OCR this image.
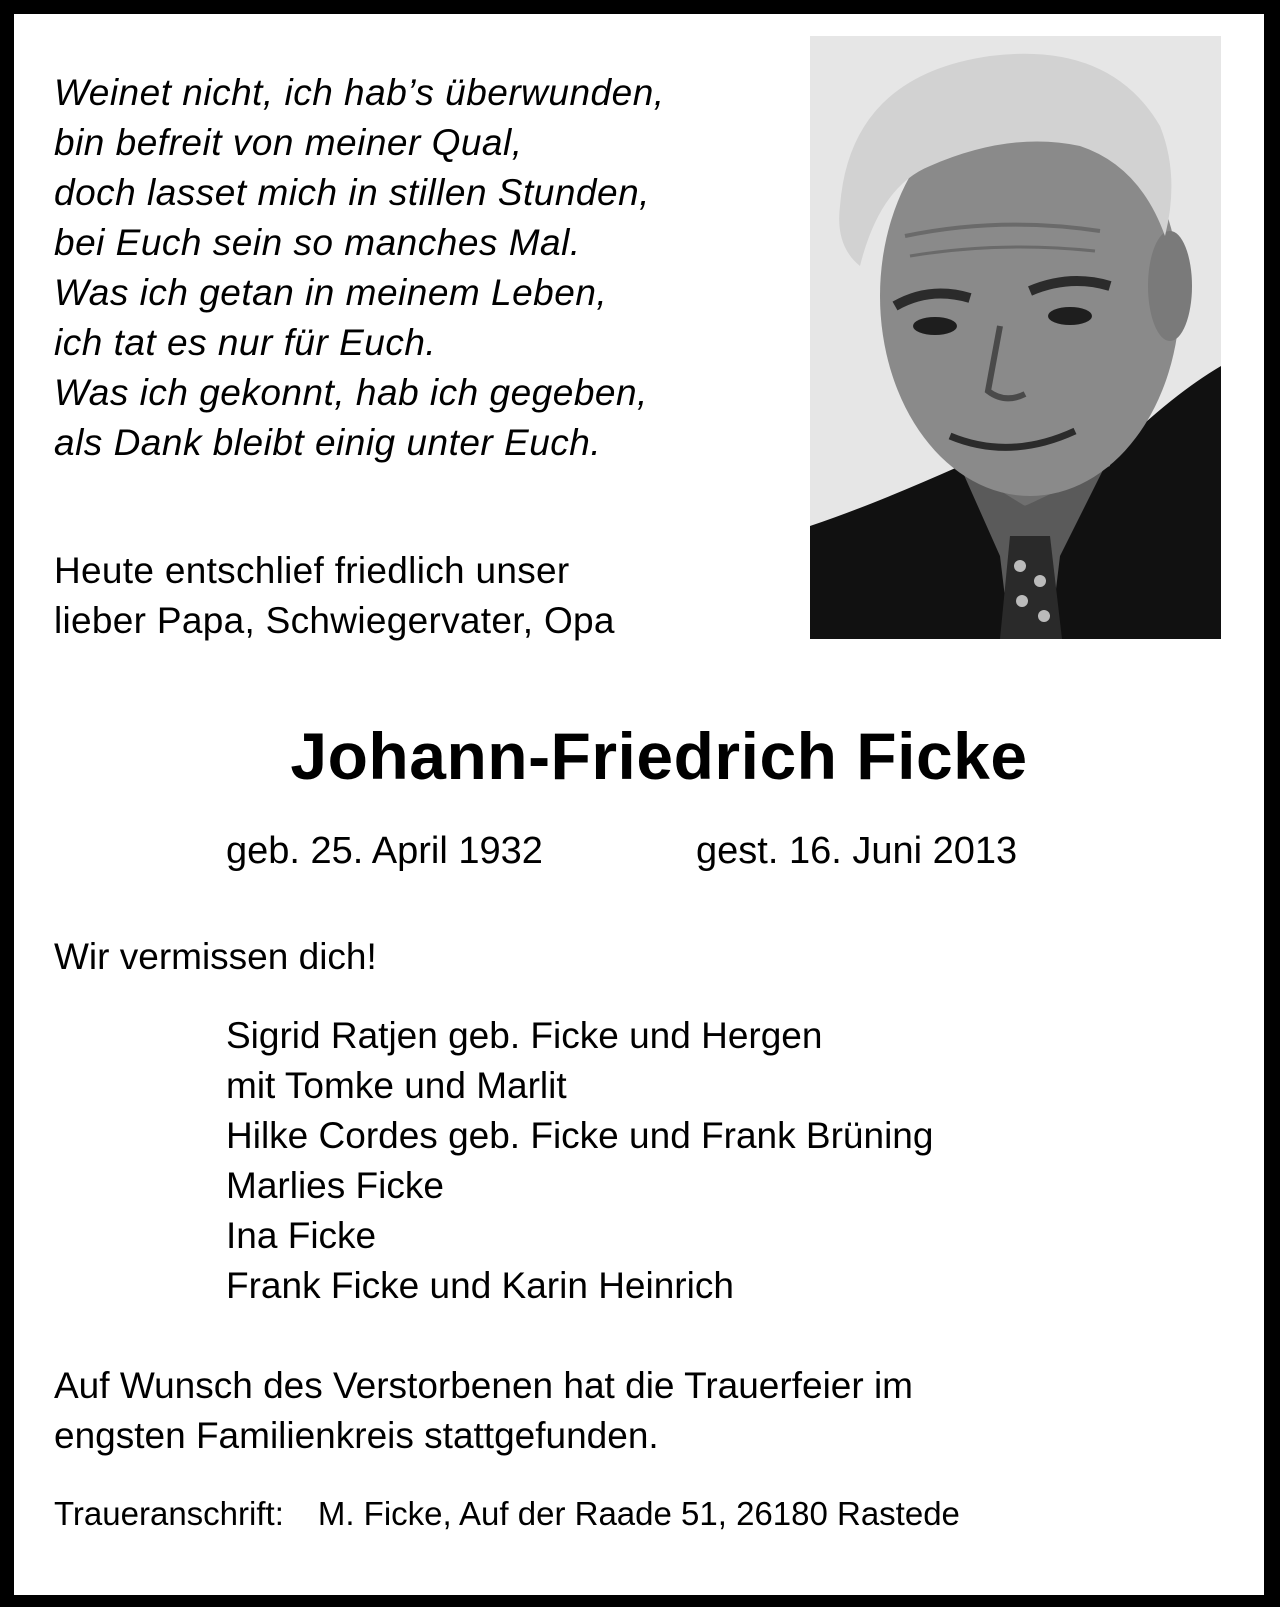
Weinet nicht, ich hab’s überwunden,
bin befreit von meiner Qual,
doch lasset mich in stillen Stunden,
bei Euch sein so manches Mal.
Was ich getan in meinem Leben,
ich tat es nur für Euch.
Was ich gekonnt, hab ich gegeben,
als Dank bleibt einig unter Euch.
Heute entschlief friedlich unser
lieber Papa, Schwiegervater, Opa
Johann-Friedrich Ficke
geb. 25. April 1932	gest. 16. Juni 2013
Wir vermissen dich!
Sigrid Ratjen geb. Ficke und Hergen
mit Tomke und Marlit
Hilke Cordes geb. Ficke und Frank Brüning
Marlies Ficke
Ina Ficke
Frank Ficke und Karin Heinrich
Auf Wunsch des Verstorbenen hat die Trauerfeier im
engsten Familienkreis stattgefunden.
Traueranschrift: M. Ficke, Auf der Raade 51, 26180 Rastede
